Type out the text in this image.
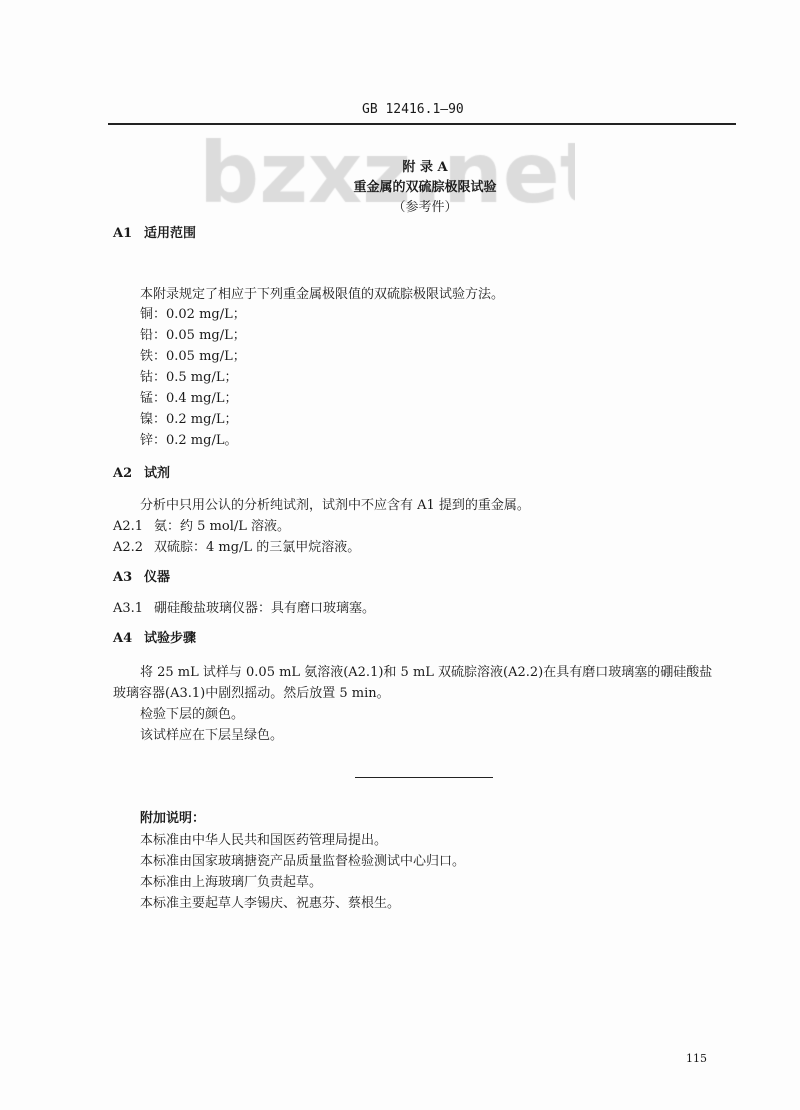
GB 12416.1—90
附 录 A
重金属的双硫腙极限试验
（参考件）
A1 适用范围
本附录规定了相应于下列重金属极限值的双硫腙极限试验方法。
铜：0.02 mg/L；
铅：0.05 mg/L；
铁：0.05 mg/L；
钴：0.5 mg/L；
锰：0.4 mg/L；
镍：0.2 mg/L；
锌：0.2 mg/L。
A2 试剂
分析中只用公认的分析纯试剂，试剂中不应含有 A1 提到的重金属。
A2.1 氨：约 5 mol/L 溶液。
A2.2 双硫腙：4 mg/L 的三氯甲烷溶液。
A3 仪器
A3.1 硼硅酸盐玻璃仪器：具有磨口玻璃塞。
A4 试验步骤
将 25 mL 试样与 0.05 mL 氨溶液(A2.1)和 5 mL 双硫腙溶液(A2.2)在具有磨口玻璃塞的硼硅酸盐
玻璃容器(A3.1)中剧烈摇动。然后放置 5 min。
检验下层的颜色。
该试样应在下层呈绿色。
附加说明：
本标准由中华人民共和国医药管理局提出。
本标准由国家玻璃搪瓷产品质量监督检验测试中心归口。
本标准由上海玻璃厂负责起草。
本标准主要起草人李锡庆、祝惠芬、蔡根生。
115
